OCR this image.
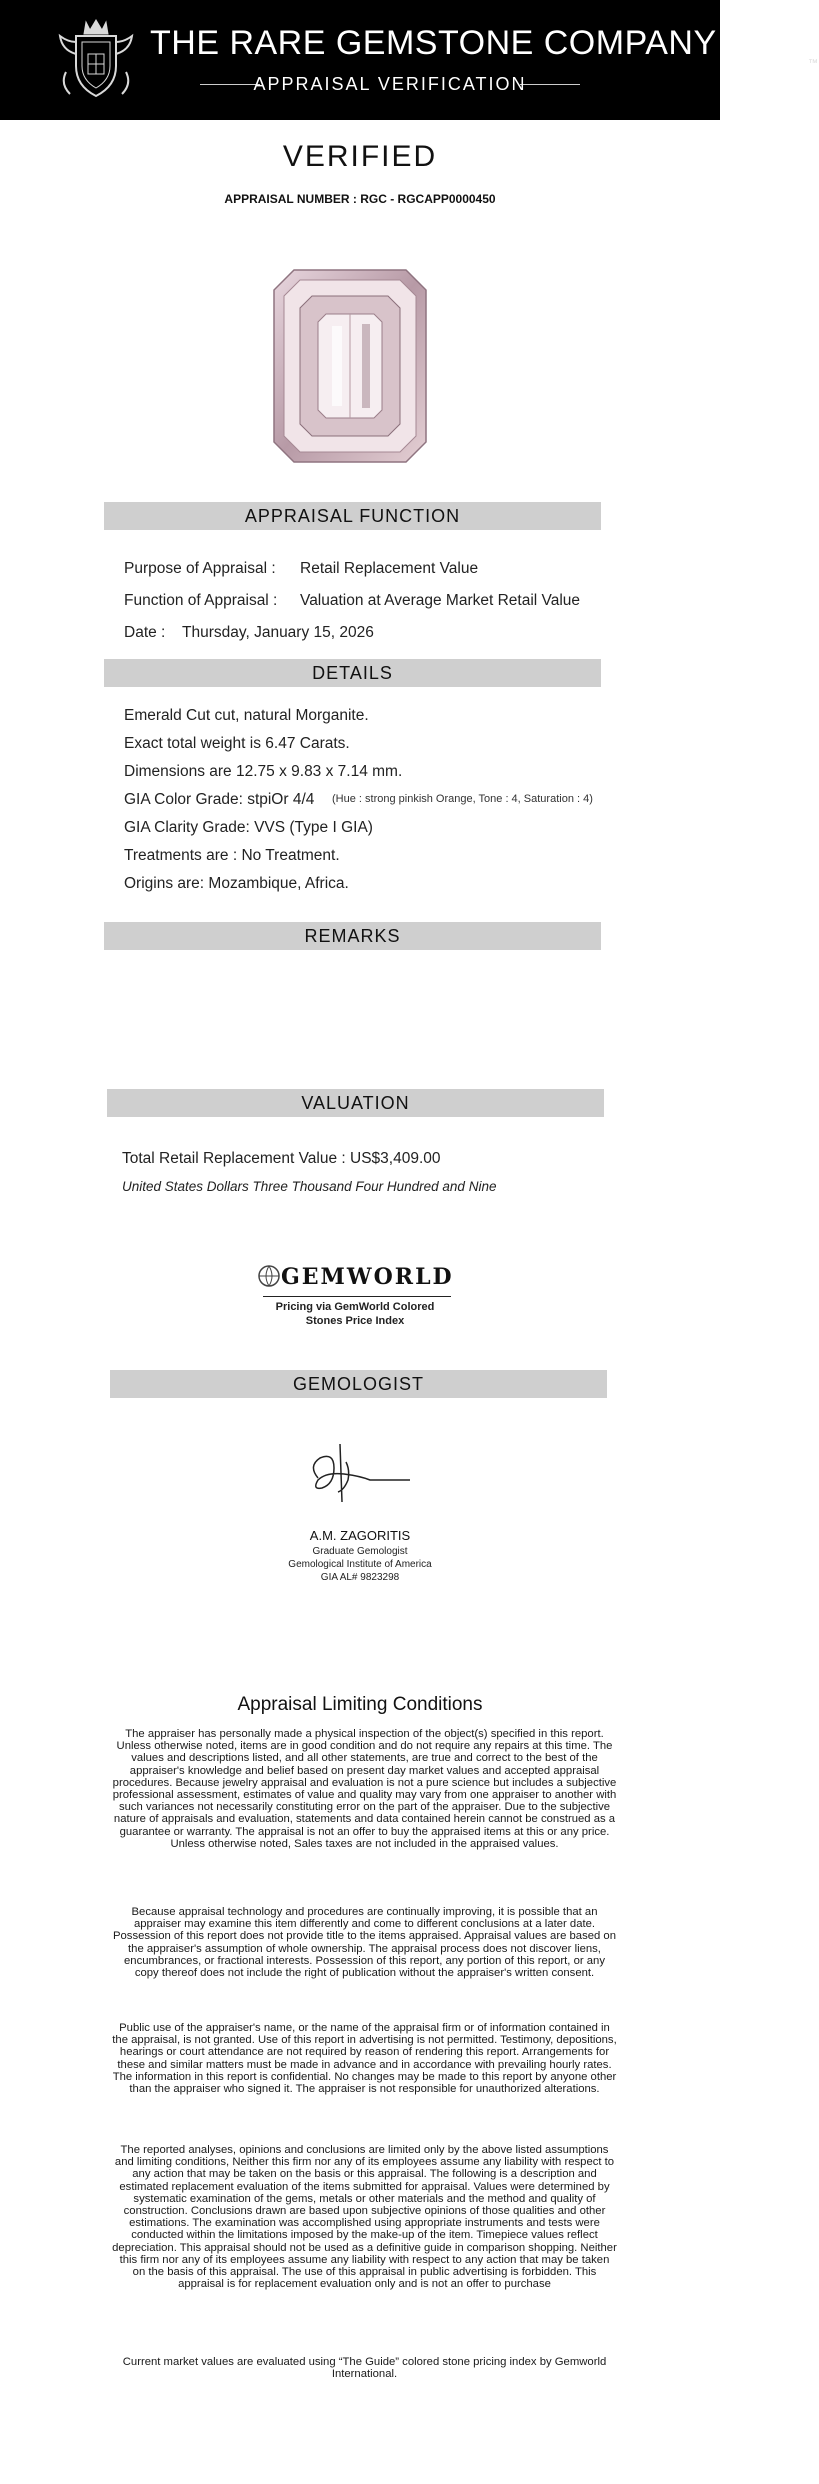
THE RARE GEMSTONE COMPANY
™
APPRAISAL VERIFICATION
VERIFIED
APPRAISAL NUMBER : RGC - RGCAPP0000450
APPRAISAL FUNCTION
Purpose of Appraisal : Retail Replacement Value
Function of Appraisal : Valuation at Average Market Retail Value
Date : Thursday, January 15, 2026
DETAILS
Emerald Cut cut, natural Morganite.
Exact total weight is 6.47 Carats.
Dimensions are 12.75 x 9.83 x 7.14 mm.
GIA Color Grade: stpiOr 4/4 (Hue : strong pinkish Orange, Tone : 4, Saturation : 4)
GIA Clarity Grade: VVS (Type I GIA)
Treatments are : No Treatment.
Origins are: Mozambique, Africa.
REMARKS
VALUATION
Total Retail Replacement Value : US$3,409.00
United States Dollars Three Thousand Four Hundred and Nine
GEMWORLD
Pricing via GemWorld Colored
Stones Price Index
GEMOLOGIST
A.M. ZAGORITIS
Graduate Gemologist
Gemological Institute of America
GIA AL# 9823298
Appraisal Limiting Conditions

The appraiser has personally made a physical inspection of the object(s) specified in this report. Unless otherwise noted, items are in good condition and do not require any repairs at this time. The values and descriptions listed, and all other statements, are true and correct to the best of the appraiser's knowledge and belief based on present day market values and accepted appraisal procedures. Because jewelry appraisal and evaluation is not a pure science but includes a subjective professional assessment, estimates of value and quality may vary from one appraiser to another with such variances not necessarily constituting error on the part of the appraiser. Due to the subjective nature of appraisals and evaluation, statements and data contained herein cannot be construed as a guarantee or warranty. The appraisal is not an offer to buy the appraised items at this or any price. Unless otherwise noted, Sales taxes are not included in the appraised values.

Because appraisal technology and procedures are continually improving, it is possible that an appraiser may examine this item differently and come to different conclusions at a later date. Possession of this report does not provide title to the items appraised. Appraisal values are based on the appraiser's assumption of whole ownership. The appraisal process does not discover liens, encumbrances, or fractional interests. Possession of this report, any portion of this report, or any copy thereof does not include the right of publication without the appraiser's written consent.

Public use of the appraiser's name, or the name of the appraisal firm or of information contained in the appraisal, is not granted. Use of this report in advertising is not permitted. Testimony, depositions, hearings or court attendance are not required by reason of rendering this report. Arrangements for these and similar matters must be made in advance and in accordance with prevailing hourly rates. The information in this report is confidential. No changes may be made to this report by anyone other than the appraiser who signed it. The appraiser is not responsible for unauthorized alterations.

The reported analyses, opinions and conclusions are limited only by the above listed assumptions and limiting conditions, Neither this firm nor any of its employees assume any liability with respect to any action that may be taken on the basis or this appraisal. The following is a description and estimated replacement evaluation of the items submitted for appraisal. Values were determined by systematic examination of the gems, metals or other materials and the method and quality of construction. Conclusions drawn are based upon subjective opinions of those qualities and other estimations. The examination was accomplished using appropriate instruments and tests were conducted within the limitations imposed by the make-up of the item. Timepiece values reflect depreciation. This appraisal should not be used as a definitive guide in comparison shopping. Neither this firm nor any of its employees assume any liability with respect to any action that may be taken on the basis of this appraisal. The use of this appraisal in public advertising is forbidden. This appraisal is for replacement evaluation only and is not an offer to purchase

Current market values are evaluated using “The Guide” colored stone pricing index by Gemworld International.
